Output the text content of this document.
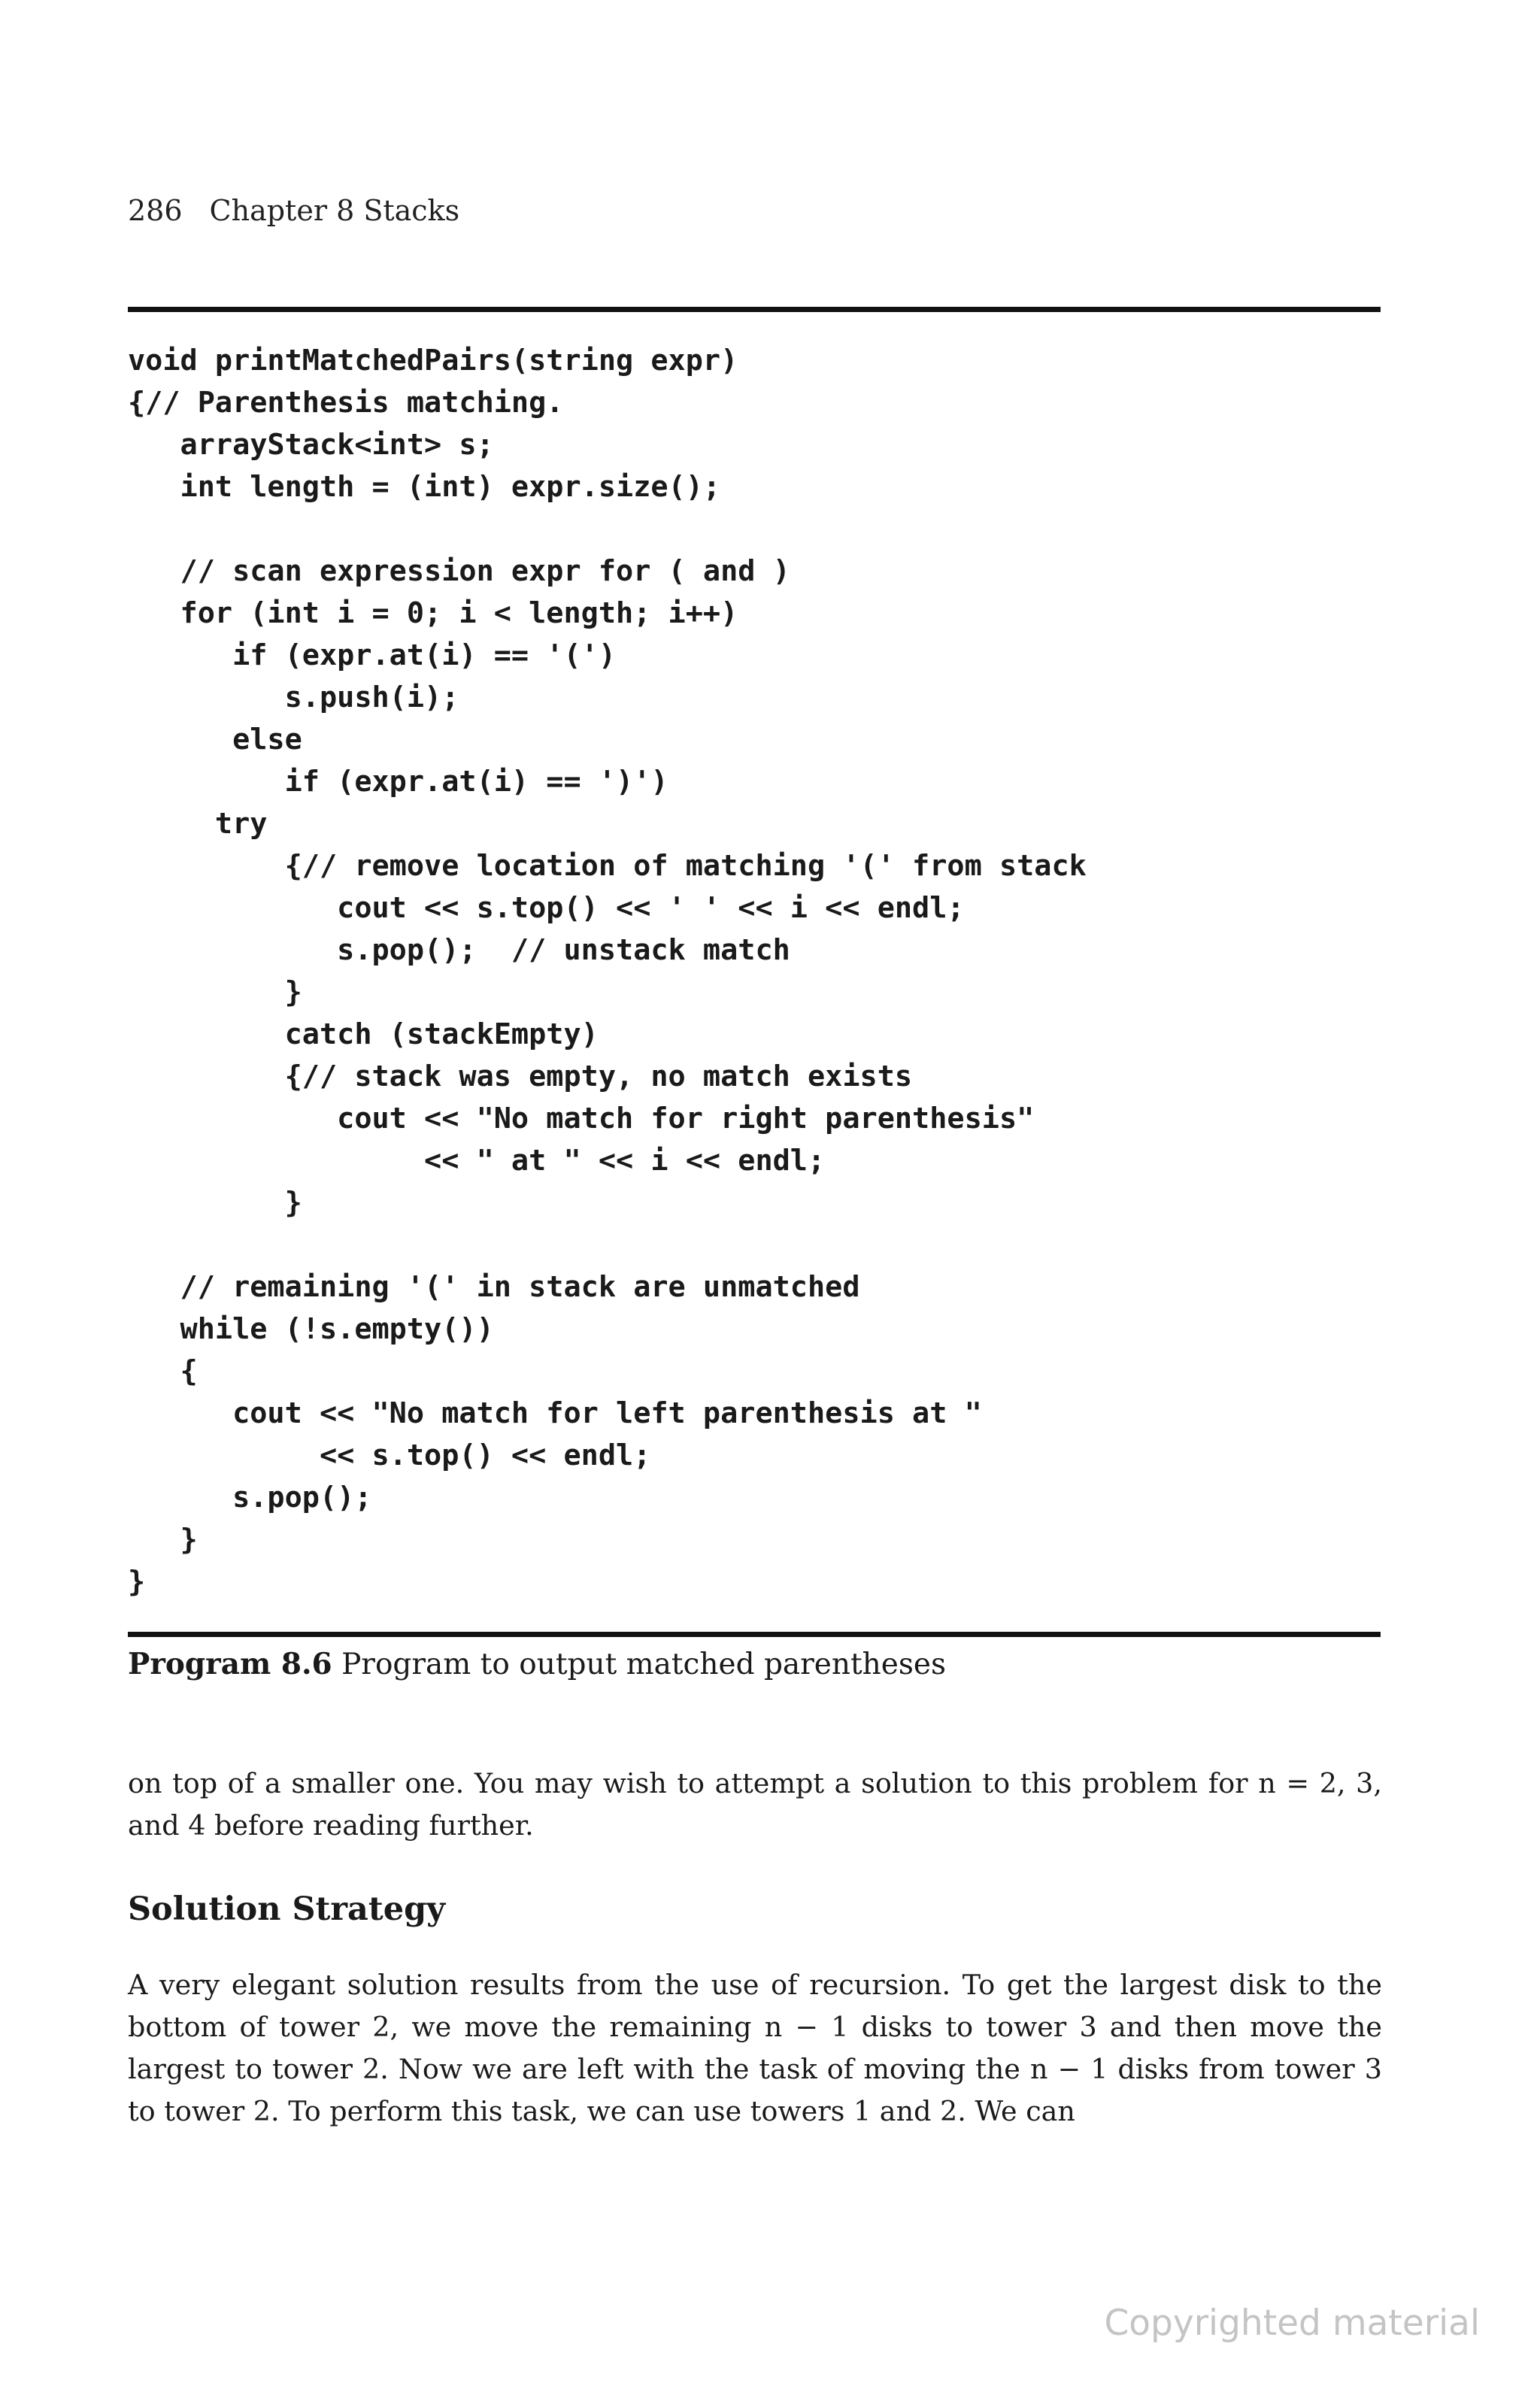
286 Chapter 8 Stacks
void printMatchedPairs(string expr)
{// Parenthesis matching.
arrayStack<int> s;
int length = (int) expr.size();
// scan expression expr for ( and )
for (int i = 0; i < length; i++)
if (expr.at(i) == '(')
s.push(i);
else
if (expr.at(i) == ')')
try
{// remove location of matching '(' from stack
cout << s.top() << ' ' << i << endl;
s.pop();  // unstack match
}
catch (stackEmpty)
{// stack was empty, no match exists
cout << "No match for right parenthesis"
<< " at " << i << endl;
}
// remaining '(' in stack are unmatched
while (!s.empty())
{
cout << "No match for left parenthesis at "
<< s.top() << endl;
s.pop();
}
}
Program 8.6 Program to output matched parentheses

on top of a smaller one. You may wish to attempt a solution to this problem for n = 2, 3, and 4 before reading further.

Solution Strategy

A very elegant solution results from the use of recursion. To get the largest disk to the bottom of tower 2, we move the remaining n − 1 disks to tower 3 and then move the largest to tower 2. Now we are left with the task of moving the n − 1 disks from tower 3 to tower 2. To perform this task, we can use towers 1 and 2. We can

Copyrighted material
